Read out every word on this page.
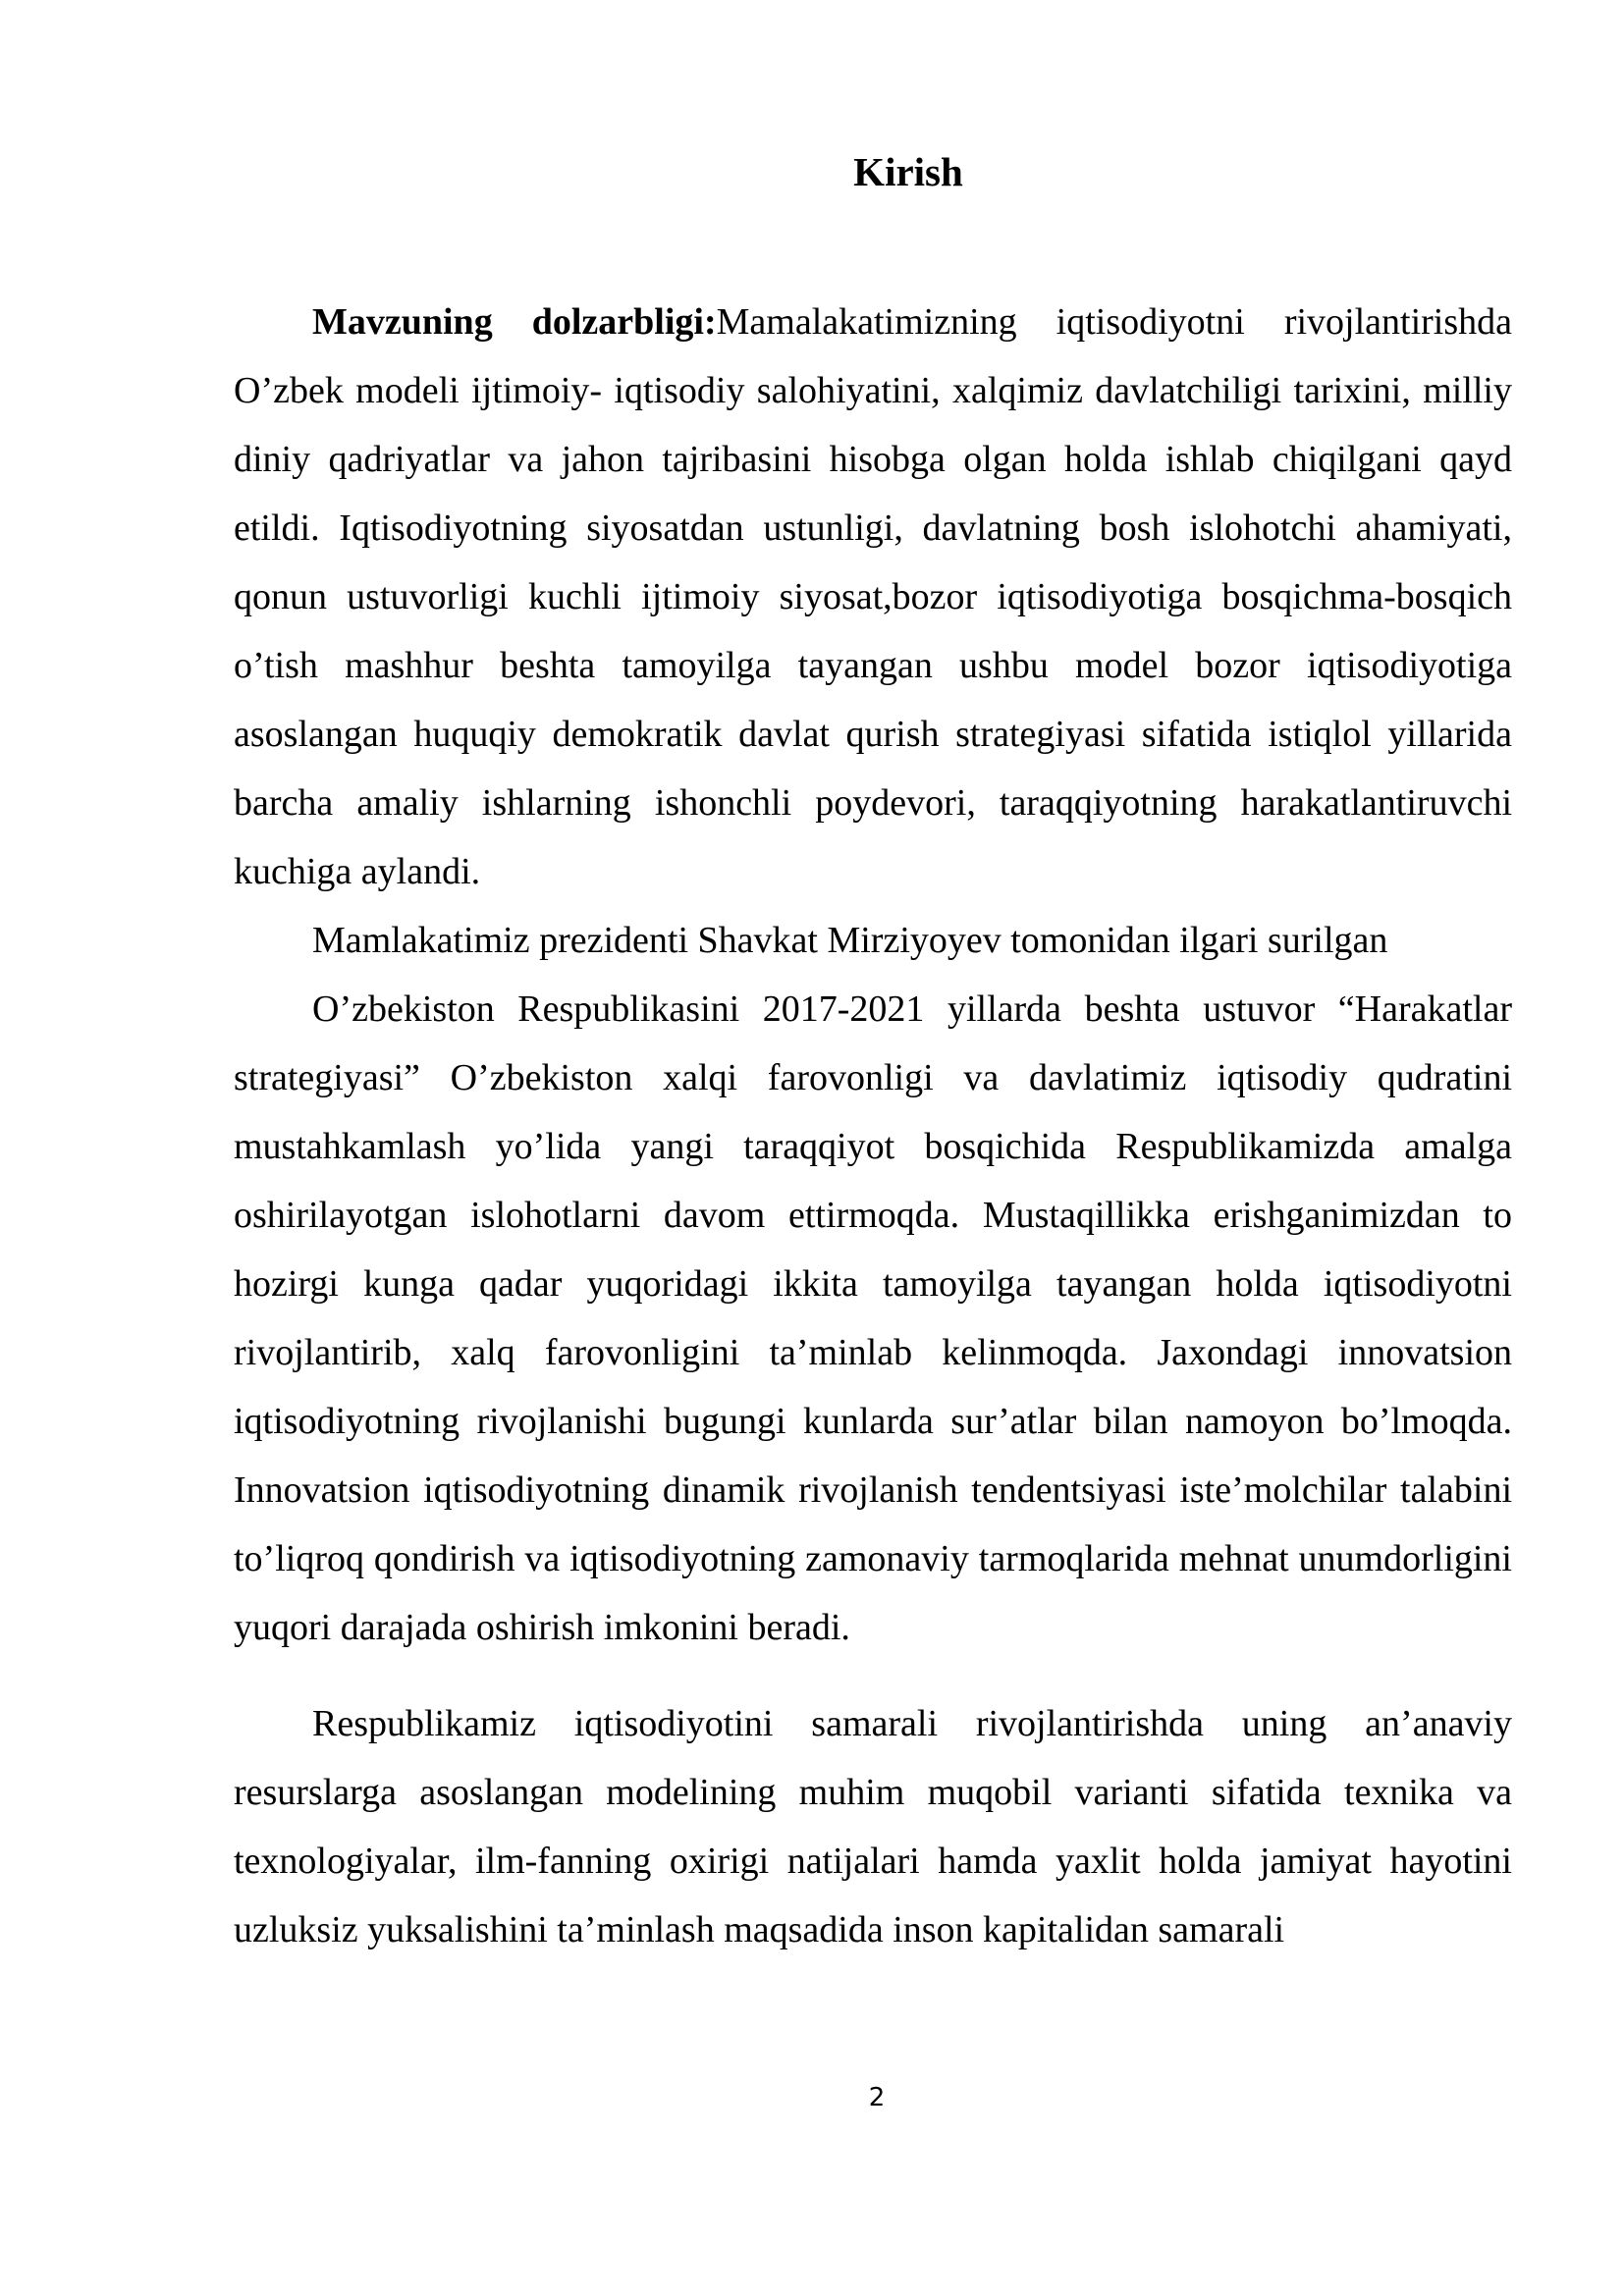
Kirish

Mavzuning dolzarbligi:Mamalakatimizning iqtisodiyotni rivojlantirishda O’zbek modeli ijtimoiy- iqtisodiy salohiyatini, xalqimiz davlatchiligi tarixini, milliy diniy qadriyatlar va jahon tajribasini hisobga olgan holda ishlab chiqilgani qayd etildi. Iqtisodiyotning siyosatdan ustunligi, davlatning bosh islohotchi ahamiyati, qonun ustuvorligi kuchli ijtimoiy siyosat,bozor iqtisodiyotiga bosqichma-bosqich o’tish mashhur beshta tamoyilga tayangan ushbu model bozor iqtisodiyotiga asoslangan huquqiy demokratik davlat qurish strategiyasi sifatida istiqlol yillarida barcha amaliy ishlarning ishonchli poydevori, taraqqiyotning harakatlantiruvchi kuchiga aylandi.

Mamlakatimiz prezidenti Shavkat Mirziyoyev tomonidan ilgari surilgan

O’zbekiston Respublikasini 2017-2021 yillarda beshta ustuvor “Harakatlar strategiyasi” O’zbekiston xalqi farovonligi va davlatimiz iqtisodiy qudratini mustahkamlash yo’lida yangi taraqqiyot bosqichida Respublikamizda amalga oshirilayotgan islohotlarni davom ettirmoqda. Mustaqillikka erishganimizdan to hozirgi kunga qadar yuqoridagi ikkita tamoyilga tayangan holda iqtisodiyotni rivojlantirib, xalq farovonligini ta’minlab kelinmoqda. Jaxondagi innovatsion iqtisodiyotning rivojlanishi bugungi kunlarda sur’atlar bilan namoyon bo’lmoqda. Innovatsion iqtisodiyotning dinamik rivojlanish tendentsiyasi iste’molchilar talabini to’liqroq qondirish va iqtisodiyotning zamonaviy tarmoqlarida mehnat unumdorligini yuqori darajada oshirish imkonini beradi.

Respublikamiz iqtisodiyotini samarali rivojlantirishda uning an’anaviy resurslarga asoslangan modelining muhim muqobil varianti sifatida texnika va texnologiyalar, ilm-fanning oxirigi natijalari hamda yaxlit holda jamiyat hayotini uzluksiz yuksalishini ta’minlash maqsadida inson kapitalidan samarali

2
